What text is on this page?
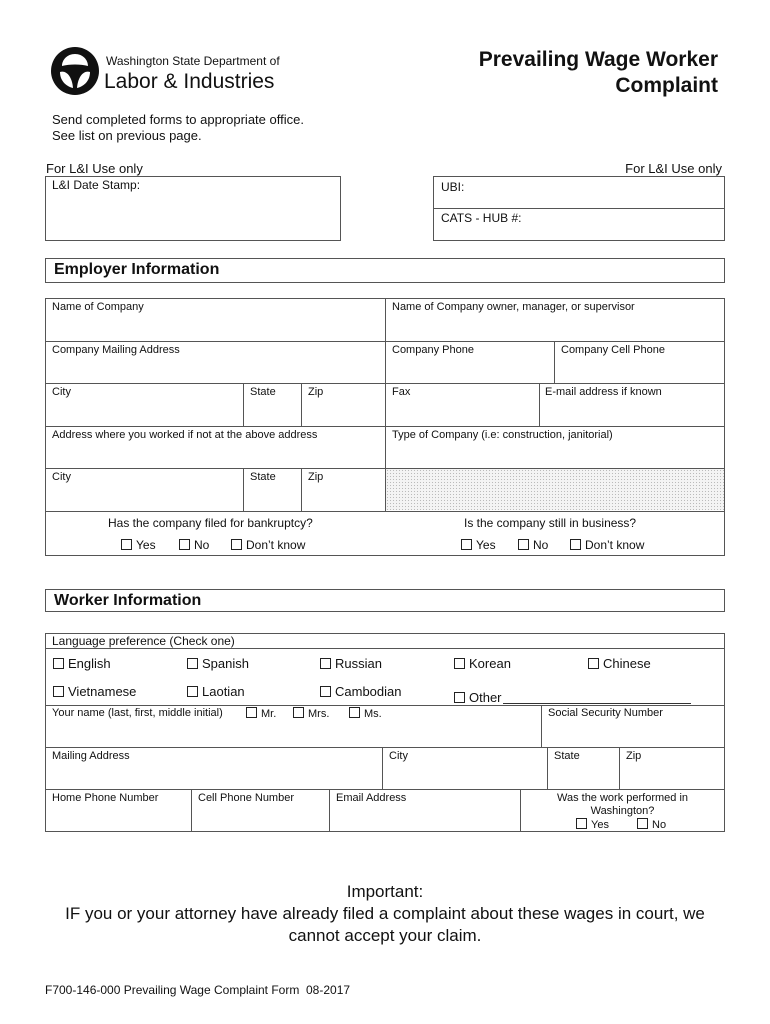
Washington State Department of
Labor & Industries
Prevailing Wage Worker
Complaint
Send completed forms to appropriate office.
See list on previous page.
For L&I Use only	For L&I Use only
L&I Date Stamp:	UBI:
CATS - HUB #:
Employer Information
Name of Company	Name of Company owner, manager, or supervisor
Company Mailing Address	Company Phone	Company Cell Phone
City	State	Zip	Fax	E-mail address if known
Address where you worked if not at the above address	Type of Company (i.e: construction, janitorial)
City	State	Zip
Has the company filed for bankruptcy?	Is the company still in business?
Yes	No	Don’t know	Yes	No	Don’t know
Worker Information
Language preference (Check one)
English	Spanish	Russian	Korean	Chinese
Vietnamese	Laotian	Cambodian	Other
Your name (last, first, middle initial)	Mr.	Mrs.	Ms.	Social Security Number
Mailing Address	City	State	Zip
Home Phone Number	Cell Phone Number	Email Address	Was the work performed in
Washington?
Yes	No
Important:
IF you or your attorney have already filed a complaint about these wages in court, we
cannot accept your claim.
F700-146-000 Prevailing Wage Complaint Form  08-2017
